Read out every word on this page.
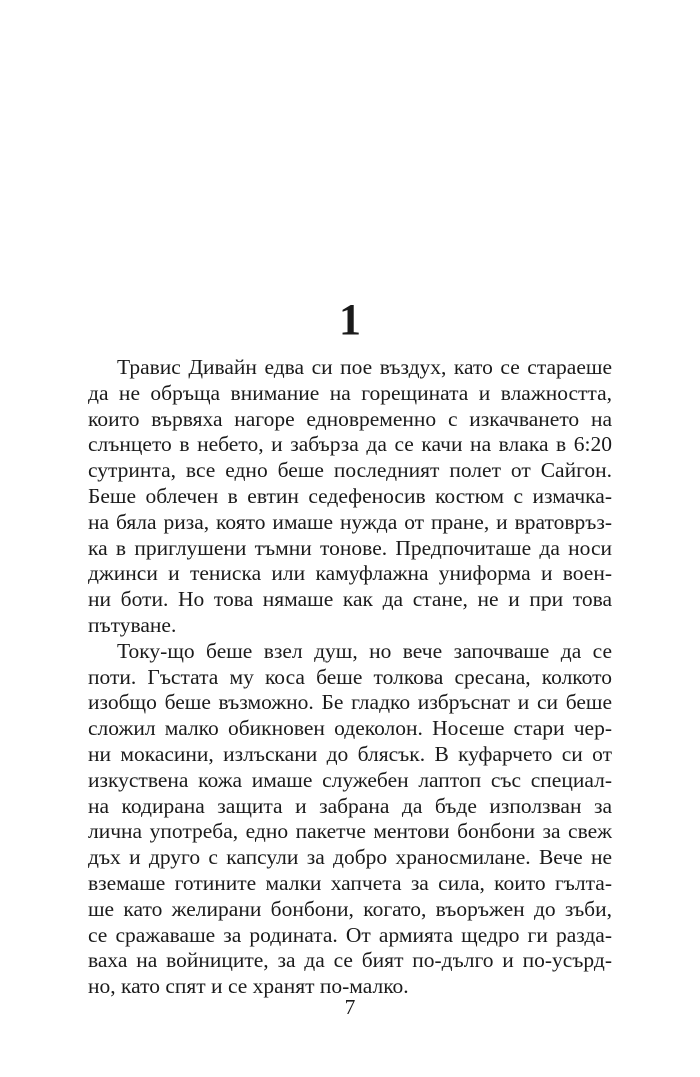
1
Травис Дивайн едва си пое въздух, като се стараеше
да не обръща внимание на горещината и влажността,
които вървяха нагоре едновременно с изкачването на
слънцето в небето, и забърза да се качи на влака в 6:20
сутринта, все едно беше последният полет от Сайгон.
Беше облечен в евтин седефеносив костюм с измачка-
на бяла риза, която имаше нужда от пране, и вратовръз-
ка в приглушени тъмни тонове. Предпочиташе да носи
джинси и тениска или камуфлажна униформа и воен-
ни боти. Но това нямаше как да стане, не и при това
пътуване.
Току-що беше взел душ, но вече започваше да се
поти. Гъстата му коса беше толкова сресана, колкото
изобщо беше възможно. Бе гладко избръснат и си беше
сложил малко обикновен одеколон. Носеше стари чер-
ни мокасини, излъскани до блясък. В куфарчето си от
изкуствена кожа имаше служебен лаптоп със специал-
на кодирана защита и забрана да бъде използван за
лична употреба, едно пакетче ментови бонбони за свеж
дъх и друго с капсули за добро храносмилане. Вече не
вземаше готините малки хапчета за сила, които гълта-
ше като желирани бонбони, когато, въоръжен до зъби,
се сражаваше за родината. От армията щедро ги разда-
ваха на войниците, за да се бият по-дълго и по-усърд-
но, като спят и се хранят по-малко.
7
